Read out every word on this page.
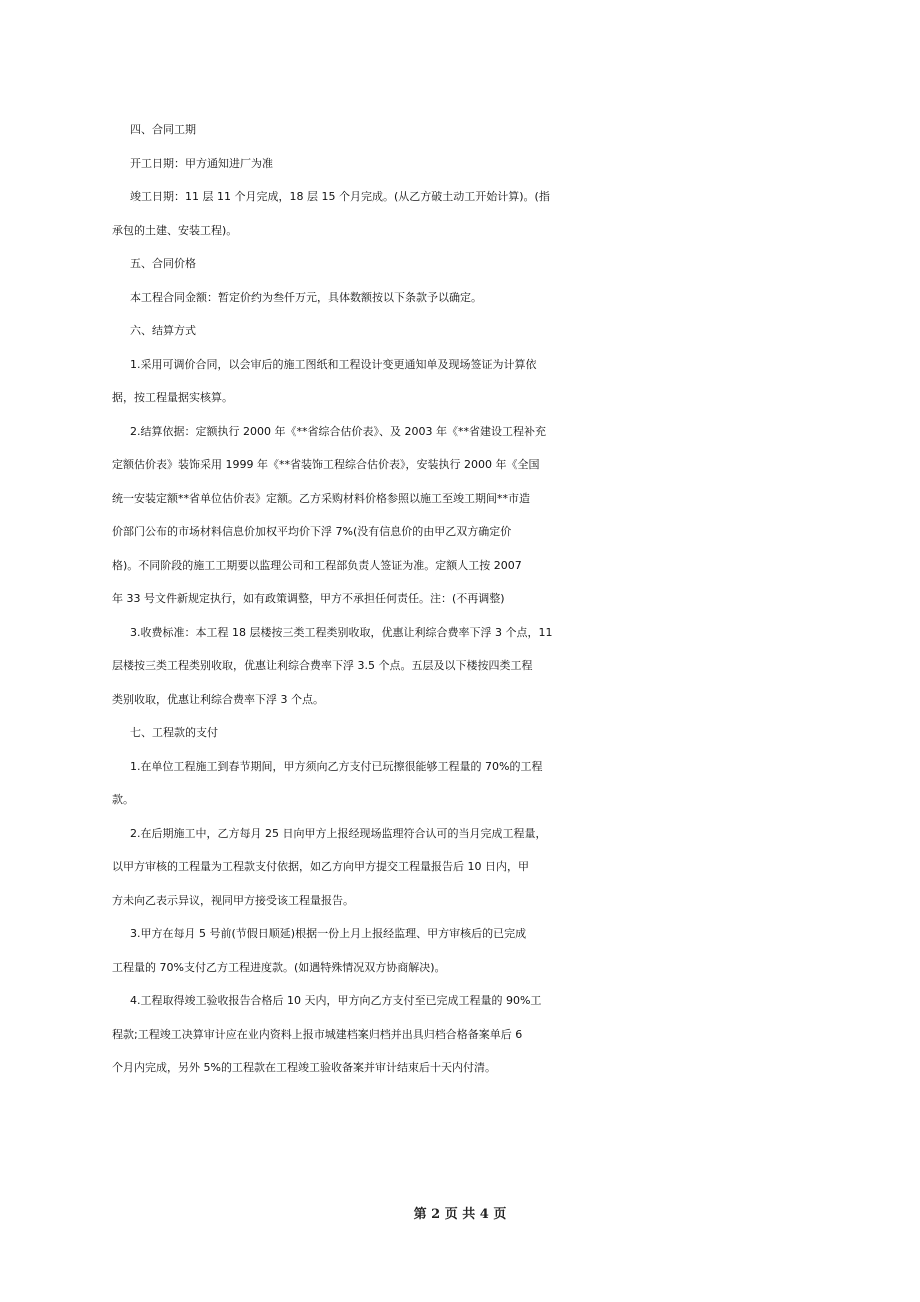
四、合同工期
开工日期：甲方通知进厂为准
竣工日期：11 层 11 个月完成，18 层 15 个月完成。(从乙方破土动工开始计算)。(指
承包的土建、安装工程)。
五、合同价格
本工程合同金额：暂定价约为叁仟万元，具体数额按以下条款予以确定。
六、结算方式
1.采用可调价合同，以会审后的施工图纸和工程设计变更通知单及现场签证为计算依
据，按工程量据实核算。
2.结算依据：定额执行 2000 年《**省综合估价表》、及 2003 年《**省建设工程补充
定额估价表》装饰采用 1999 年《**省装饰工程综合估价表》，安装执行 2000 年《全国
统一安装定额**省单位估价表》定额。乙方采购材料价格参照以施工至竣工期间**市造
价部门公布的市场材料信息价加权平均价下浮 7%(没有信息价的由甲乙双方确定价
格)。不同阶段的施工工期要以监理公司和工程部负责人签证为准。定额人工按 2007
年 33 号文件新规定执行，如有政策调整，甲方不承担任何责任。注：(不再调整)
3.收费标准：本工程 18 层楼按三类工程类别收取，优惠让利综合费率下浮 3 个点，11
层楼按三类工程类别收取，优惠让利综合费率下浮 3.5 个点。五层及以下楼按四类工程
类别收取，优惠让利综合费率下浮 3 个点。
七、工程款的支付
1.在单位工程施工到春节期间，甲方须向乙方支付已玩擦很能够工程量的 70%的工程
款。
2.在后期施工中，乙方每月 25 日向甲方上报经现场监理符合认可的当月完成工程量，
以甲方审核的工程量为工程款支付依据，如乙方向甲方提交工程量报告后 10 日内，甲
方未向乙表示异议，视同甲方接受该工程量报告。
3.甲方在每月 5 号前(节假日顺延)根据一份上月上报经监理、甲方审核后的已完成
工程量的 70%支付乙方工程进度款。(如遇特殊情况双方协商解决)。
4.工程取得竣工验收报告合格后 10 天内，甲方向乙方支付至已完成工程量的 90%工
程款;工程竣工决算审计应在业内资料上报市城建档案归档并出具归档合格备案单后 6
个月内完成，另外 5%的工程款在工程竣工验收备案并审计结束后十天内付清。
第 2 页 共 4 页
